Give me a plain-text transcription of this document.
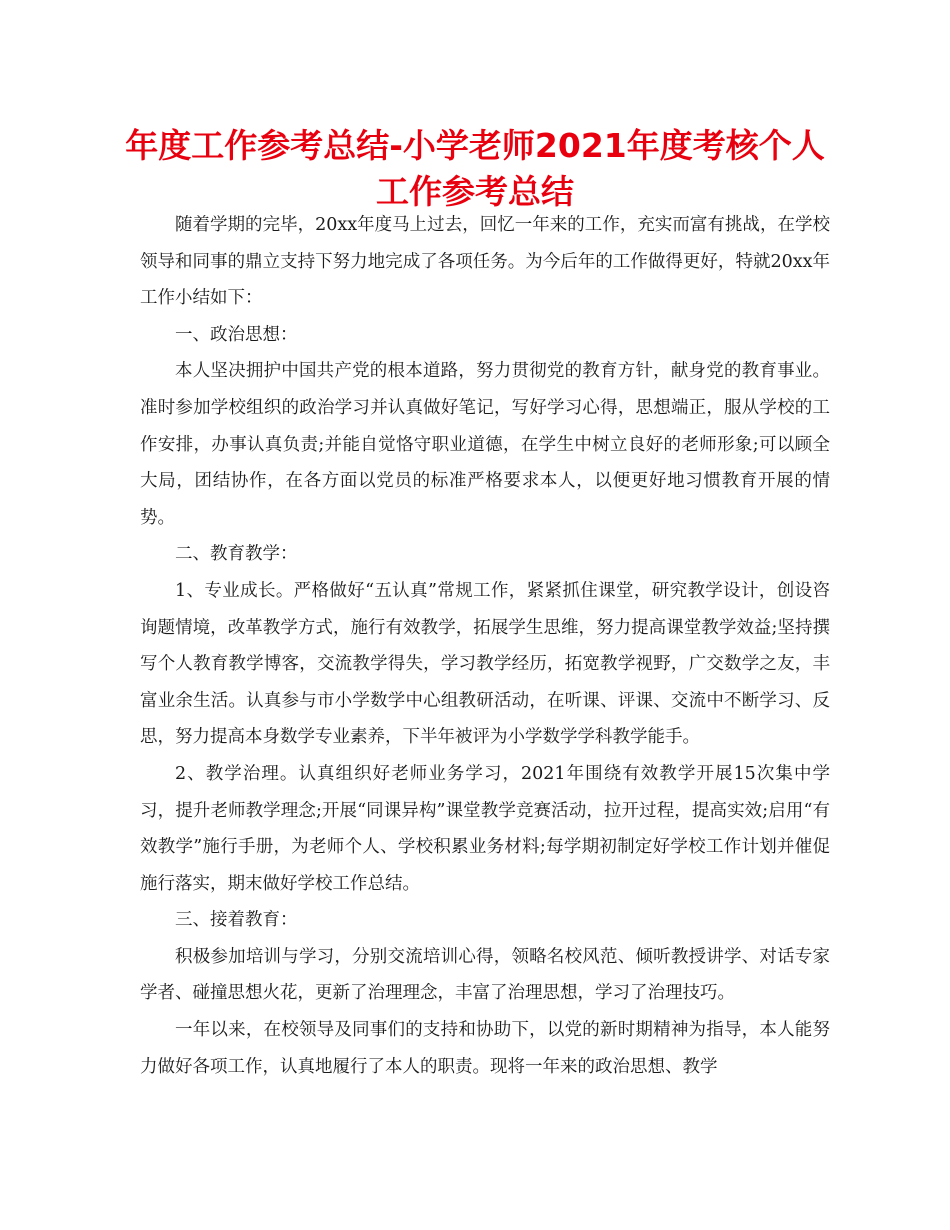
年度工作参考总结-小学老师2021年度考核个人
工作参考总结

随着学期的完毕，20xx年度马上过去，回忆一年来的工作，充实而富有挑战，在学校领导和同事的鼎立支持下努力地完成了各项任务。为今后年的工作做得更好，特就20xx年工作小结如下：

一、政治思想：

本人坚决拥护中国共产党的根本道路，努力贯彻党的教育方针，献身党的教育事业。准时参加学校组织的政治学习并认真做好笔记，写好学习心得，思想端正，服从学校的工作安排，办事认真负责;并能自觉恪守职业道德，在学生中树立良好的老师形象;可以顾全大局，团结协作，在各方面以党员的标准严格要求本人，以便更好地习惯教育开展的情势。

二、教育教学：

1、专业成长。严格做好“五认真”常规工作，紧紧抓住课堂，研究教学设计，创设咨询题情境，改革教学方式，施行有效教学，拓展学生思维，努力提高课堂教学效益;坚持撰写个人教育教学博客，交流教学得失，学习教学经历，拓宽教学视野，广交数学之友，丰富业余生活。认真参与市小学数学中心组教研活动，在听课、评课、交流中不断学习、反思，努力提高本身数学专业素养，下半年被评为小学数学学科教学能手。

2、教学治理。认真组织好老师业务学习，2021年围绕有效教学开展15次集中学习，提升老师教学理念;开展“同课异构”课堂教学竞赛活动，拉开过程，提高实效;启用“有效教学”施行手册，为老师个人、学校积累业务材料;每学期初制定好学校工作计划并催促施行落实，期末做好学校工作总结。

三、接着教育：

积极参加培训与学习，分别交流培训心得，领略名校风范、倾听教授讲学、对话专家学者、碰撞思想火花，更新了治理理念，丰富了治理思想，学习了治理技巧。

一年以来，在校领导及同事们的支持和协助下，以党的新时期精神为指导，本人能努力做好各项工作，认真地履行了本人的职责。现将一年来的政治思想、教学
